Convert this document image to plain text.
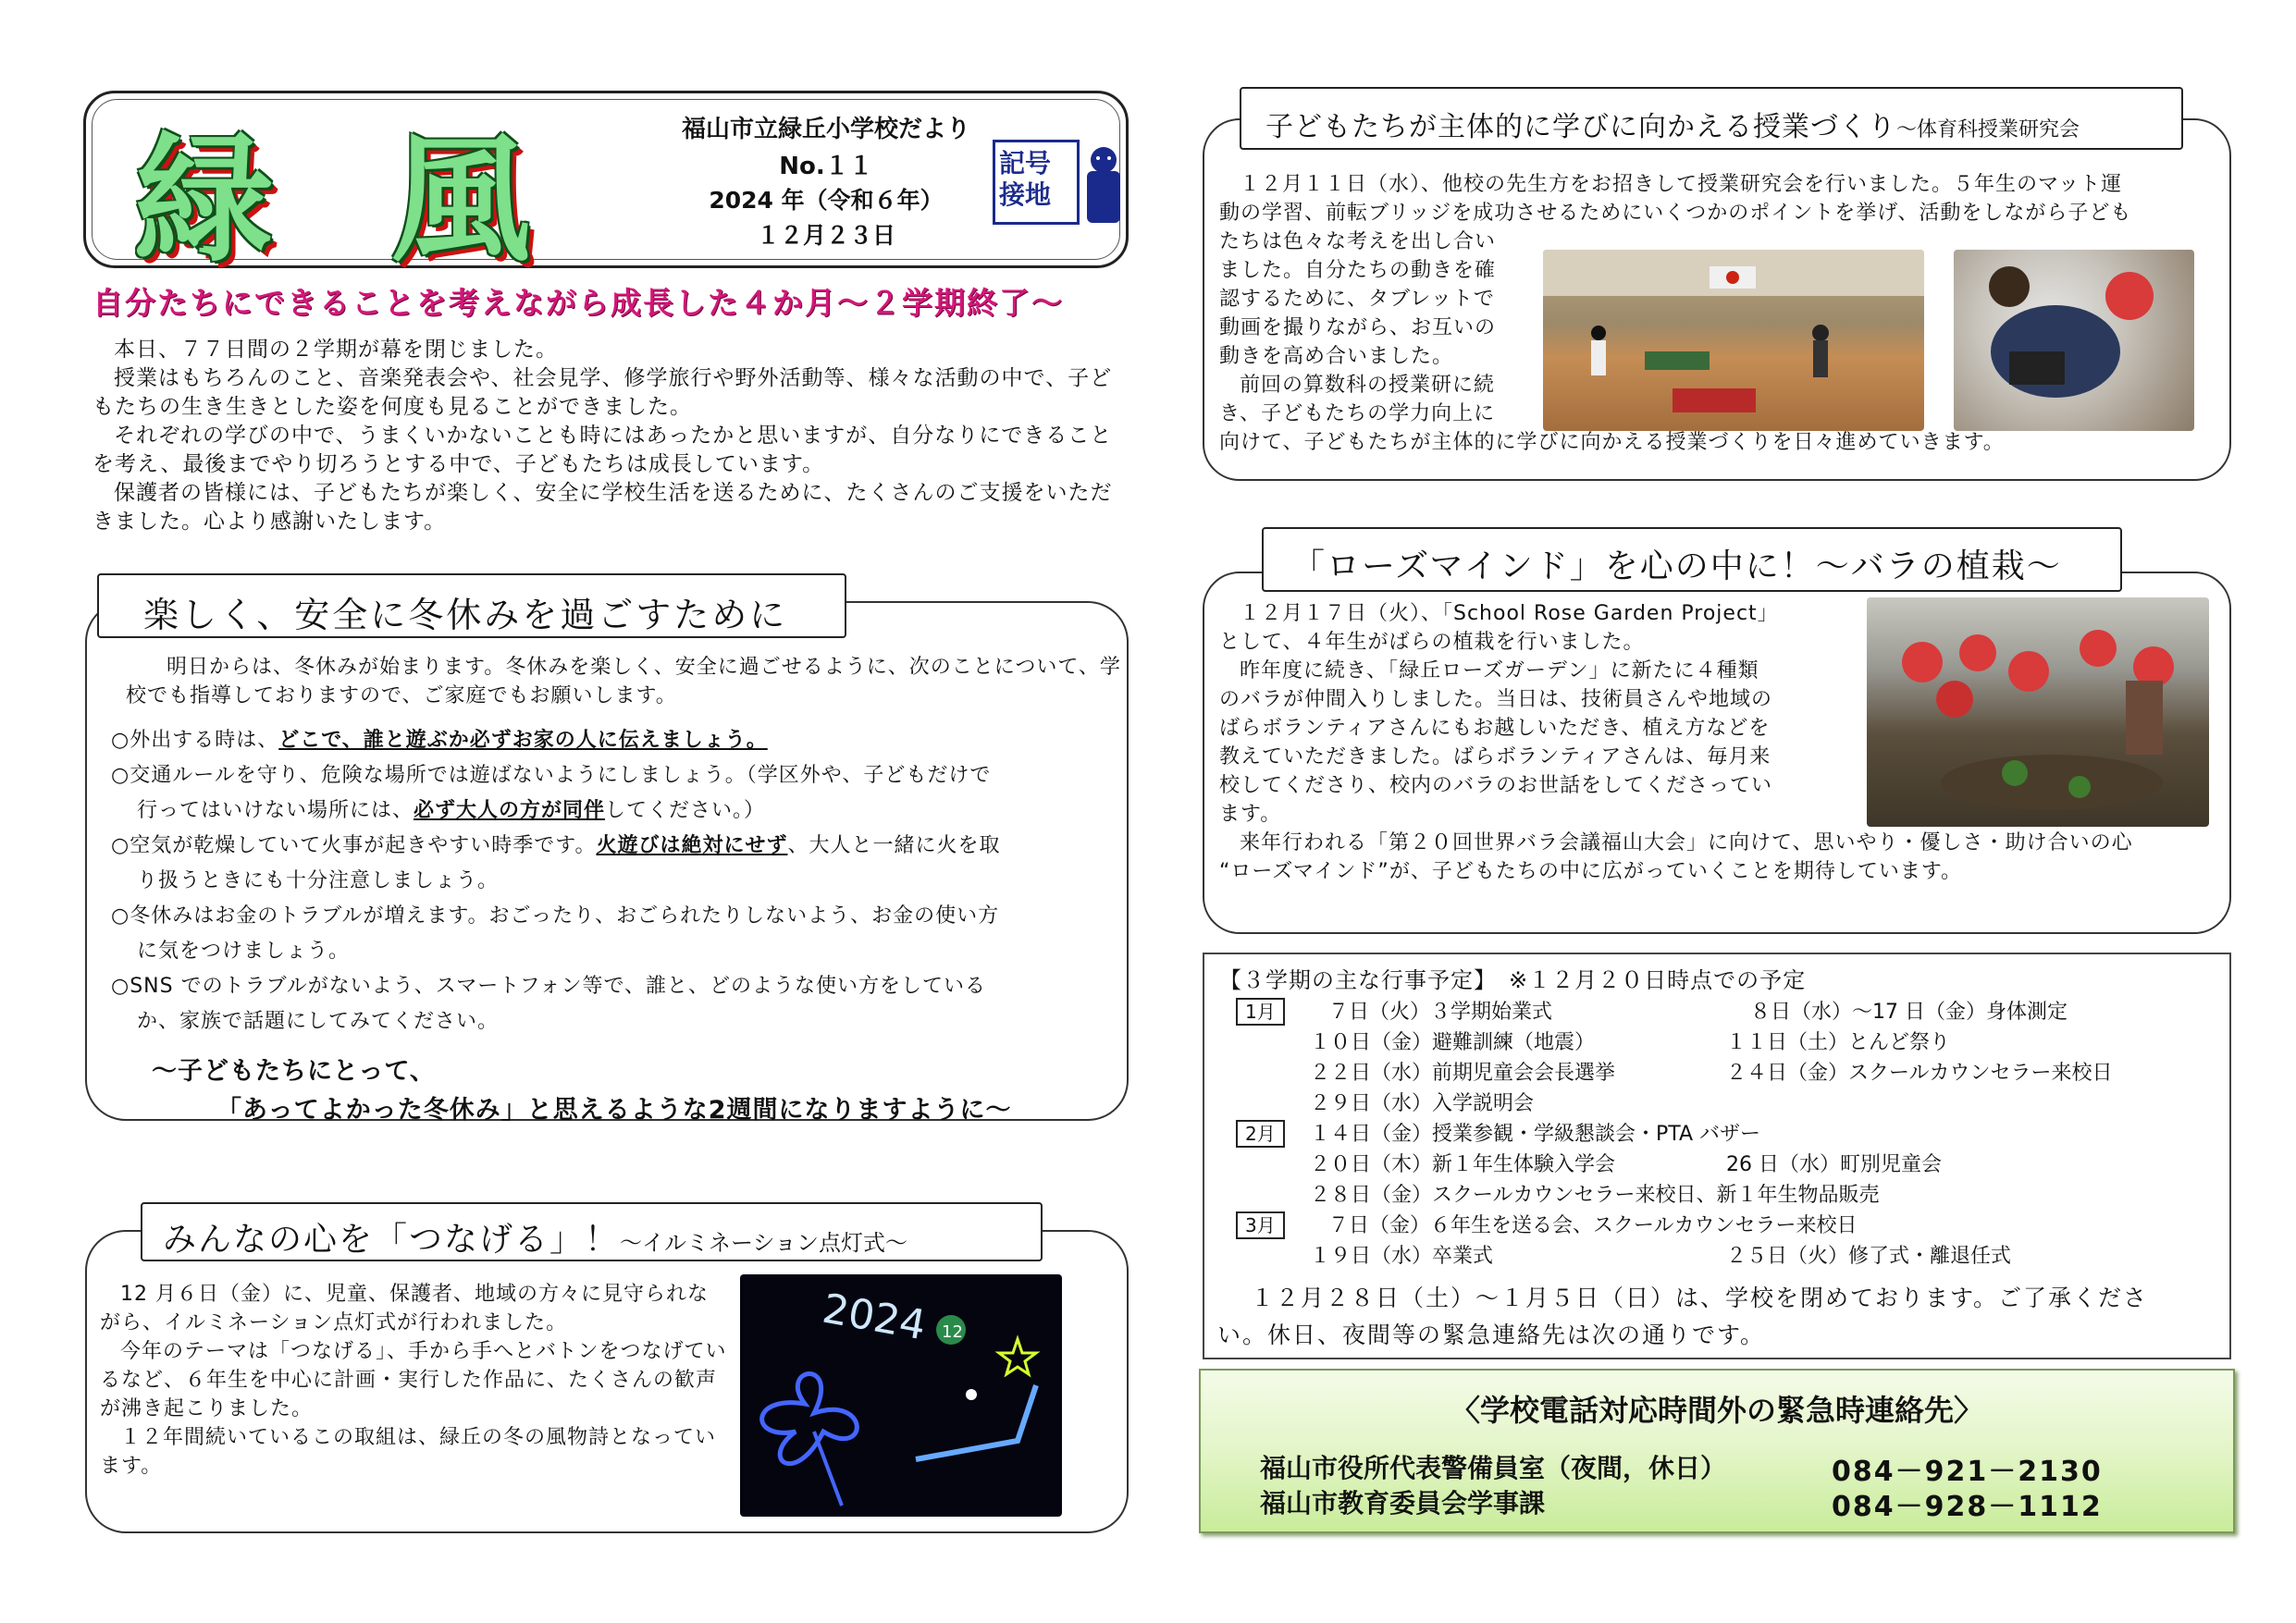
緑 風	福山市立緑丘小学校だより
No.１１
2024 年（令和６年）
１２月２３日
記号
接地
自分たちにできることを考えながら成長した４か月～２学期終了～

本日、７７日間の２学期が幕を閉じました。

授業はもちろんのこと、音楽発表会や、社会見学、修学旅行や野外活動等、様々な活動の中で、子どもたちの生き生きとした姿を何度も見ることができました。

それぞれの学びの中で、うまくいかないことも時にはあったかと思いますが、自分なりにできることを考え、最後までやり切ろうとする中で、子どもたちは成長しています。

保護者の皆様には、子どもたちが楽しく、安全に学校生活を送るために、たくさんのご支援をいただきました。心より感謝いたします。

楽しく、安全に冬休みを過ごすために

明日からは、冬休みが始まります。冬休みを楽しく、安全に過ごせるように、次のことについて、学校でも指導しておりますので、ご家庭でもお願いします。

○外出する時は、どこで、誰と遊ぶか必ずお家の人に伝えましょう。
○交通ルールを守り、危険な場所では遊ばないようにしましょう。（学区外や、子どもだけで
行ってはいけない場所には、必ず大人の方が同伴してください。）
○空気が乾燥していて火事が起きやすい時季です。火遊びは絶対にせず、大人と一緒に火を取
り扱うときにも十分注意しましょう。
○冬休みはお金のトラブルが増えます。おごったり、おごられたりしないよう、お金の使い方
に気をつけましょう。
○SNS でのトラブルがないよう、スマートフォン等で、誰と、どのような使い方をしている
か、家族で話題にしてみてください。
～子どもたちにとって、
「あってよかった冬休み」と思えるような2週間になりますように～
みんなの心を「つなげる」！～イルミネーション点灯式～

12 月６日（金）に、児童、保護者、地域の方々に見守られながら、イルミネーション点灯式が行われました。

今年のテーマは「つなげる」、手から手へとバトンをつなげているなど、６年生を中心に計画・実行した作品に、たくさんの歓声が沸き起こりました。

１２年間続いているこの取組は、緑丘の冬の風物詩となっています。

2024 12
子どもたちが主体的に学びに向かえる授業づくり～体育科授業研究会
１２月１１日（水）、他校の先生方をお招きして授業研究会を行いました。５年生のマット運
動の学習、前転ブリッジを成功させるためにいくつかのポイントを挙げ、活動をしながら子ども
たちは色々な考えを出し合い
ました。自分たちの動きを確
認するために、タブレットで
動画を撮りながら、お互いの
動きを高め合いました。
前回の算数科の授業研に続
き、子どもたちの学力向上に
向けて、子どもたちが主体的に学びに向かえる授業づくりを日々進めていきます。
「ローズマインド」を心の中に！～バラの植栽～
１２月１７日（火）、「School Rose Garden Project」
として、４年生がばらの植栽を行いました。
昨年度に続き、「緑丘ローズガーデン」に新たに４種類
のバラが仲間入りしました。当日は、技術員さんや地域の
ばらボランティアさんにもお越しいただき、植え方などを
教えていただきました。ばらボランティアさんは、毎月来
校してくださり、校内のバラのお世話をしてくださってい
ます。
来年行われる「第２０回世界バラ会議福山大会」に向けて、思いやり・優しさ・助け合いの心
“ローズマインド”が、子どもたちの中に広がっていくことを期待しています。
【３学期の主な行事予定】　※１２月２０日時点での予定
1月	７日（火）３学期始業式	８日（水）～17 日（金）身体測定
１０日（金）避難訓練（地震）	１１日（土）とんど祭り
２２日（水）前期児童会会長選挙	２４日（金）スクールカウンセラー来校日
２９日（水）入学説明会
2月	１４日（金）授業参観・学級懇談会・PTA バザー
２０日（木）新１年生体験入学会	26 日（水）町別児童会
２８日（金）スクールカウンセラー来校日、新１年生物品販売
3月	７日（金）６年生を送る会、スクールカウンセラー来校日
１９日（水）卒業式	２５日（火）修了式・離退任式
１２月２８日（土）～１月５日（日）は、学校を閉めております。ご了承くださ
い。休日、夜間等の緊急連絡先は次の通りです。
〈学校電話対応時間外の緊急時連絡先〉
福山市役所代表警備員室（夜間，休日）	084－921－2130
福山市教育委員会学事課	084－928－1112
